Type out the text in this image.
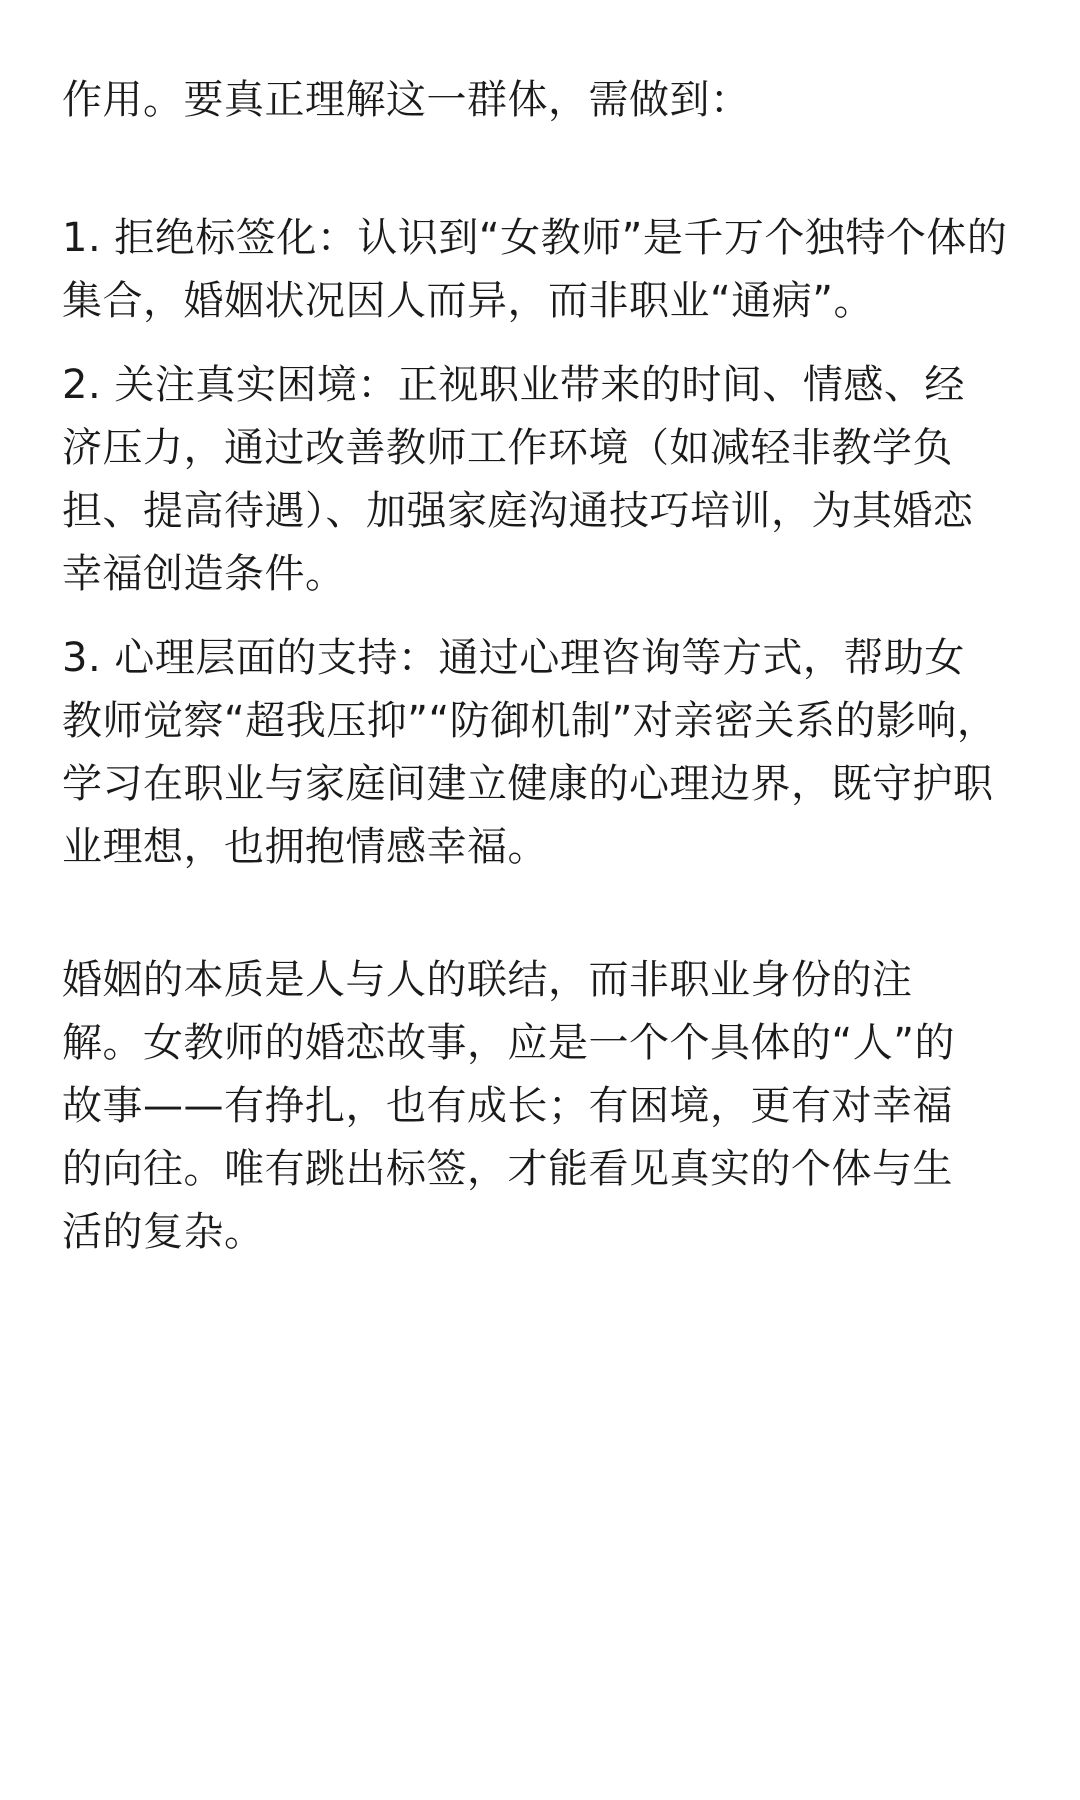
作用。要真正理解这一群体，需做到：
1. 拒绝标签化：认识到“女教师”是千万个独特个体的
集合，婚姻状况因人而异，而非职业“通病”。
2. 关注真实困境：正视职业带来的时间、情感、经
济压力，通过改善教师工作环境（如减轻非教学负
担、提高待遇）、加强家庭沟通技巧培训，为其婚恋
幸福创造条件。
3. 心理层面的支持：通过心理咨询等方式，帮助女
教师觉察“超我压抑”“防御机制”对亲密关系的影响，
学习在职业与家庭间建立健康的心理边界，既守护职
业理想，也拥抱情感幸福。
婚姻的本质是人与人的联结，而非职业身份的注
解。女教师的婚恋故事，应是一个个具体的“人”的
故事——有挣扎，也有成长；有困境，更有对幸福
的向往。唯有跳出标签，才能看见真实的个体与生
活的复杂。
